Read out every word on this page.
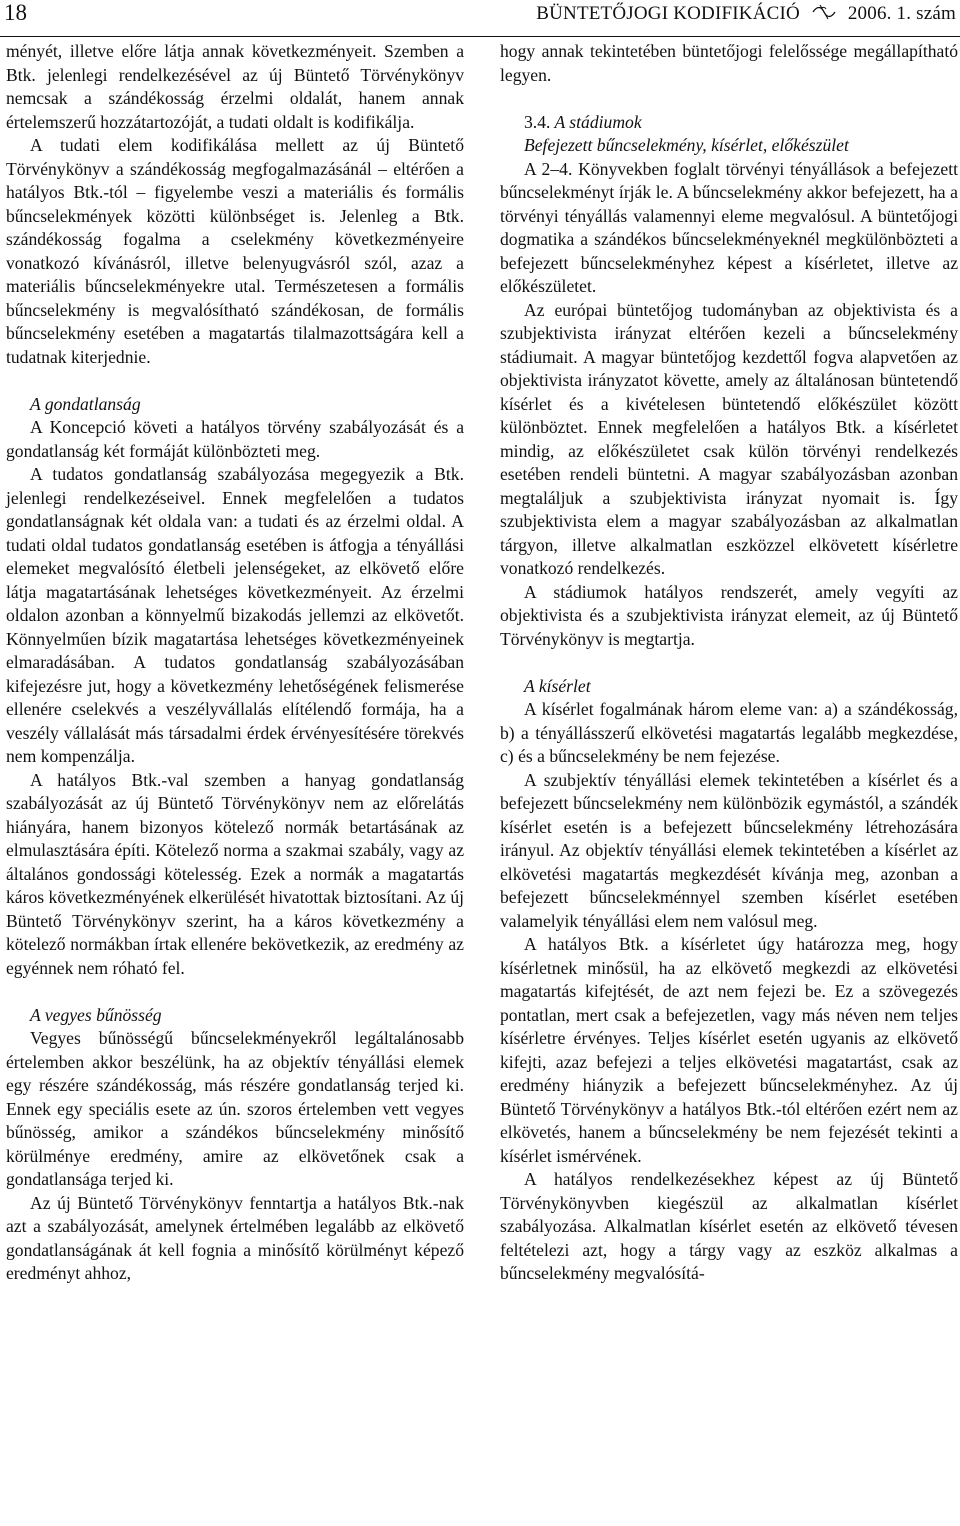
18	BÜNTETŐJOGI KODIFIKÁCIÓ	2006. 1. szám

ményét, illetve előre látja annak következményeit. Szemben a Btk. jelenlegi rendelkezésével az új Büntető Törvénykönyv nemcsak a szándékosság érzelmi oldalát, hanem annak értelemszerű hozzátartozóját, a tudati oldalt is kodifikálja.

A tudati elem kodifikálása mellett az új Büntető Törvénykönyv a szándékosság megfogalmazásánál – eltérően a hatályos Btk.-tól – figyelembe veszi a materiális és formális bűncselekmények közötti különbséget is. Jelenleg a Btk. szándékosság fogalma a cselekmény következményeire vonatkozó kívánásról, illetve belenyugvásról szól, azaz a materiális bűncselekményekre utal. Természetesen a formális bűncselekmény is megvalósítható szándékosan, de formális bűncselekmény esetében a magatartás tilalmazottságára kell a tudatnak kiterjednie.

A gondatlanság

A Koncepció követi a hatályos törvény szabályozását és a gondatlanság két formáját különbözteti meg.

A tudatos gondatlanság szabályozása megegyezik a Btk. jelenlegi rendelkezéseivel. Ennek megfelelően a tudatos gondatlanságnak két oldala van: a tudati és az érzelmi oldal. A tudati oldal tudatos gondatlanság esetében is átfogja a tényállási elemeket megvalósító életbeli jelenségeket, az elkövető előre látja magatartásának lehetséges következményeit. Az érzelmi oldalon azonban a könnyelmű bizakodás jellemzi az elkövetőt. Könnyelműen bízik magatartása lehetséges következményeinek elmaradásában. A tudatos gondatlanság szabályozásában kifejezésre jut, hogy a következmény lehetőségének felismerése ellenére cselekvés a veszélyvállalás elítélendő formája, ha a veszély vállalását más társadalmi érdek érvényesítésére törekvés nem kompenzálja.

A hatályos Btk.-val szemben a hanyag gondatlanság szabályozását az új Büntető Törvénykönyv nem az előrelátás hiányára, hanem bizonyos kötelező normák betartásának az elmulasztására építi. Kötelező norma a szakmai szabály, vagy az általános gondossági kötelesség. Ezek a normák a magatartás káros következményének elkerülését hivatottak biztosítani. Az új Büntető Törvénykönyv szerint, ha a káros következmény a kötelező normákban írtak ellenére bekövetkezik, az eredmény az egyénnek nem róható fel.

A vegyes bűnösség

Vegyes bűnösségű bűncselekményekről legáltalánosabb értelemben akkor beszélünk, ha az objektív tényállási elemek egy részére szándékosság, más részére gondatlanság terjed ki. Ennek egy speciális esete az ún. szoros értelemben vett vegyes bűnösség, amikor a szándékos bűncselekmény minősítő körülménye eredmény, amire az elkövetőnek csak a gondatlansága terjed ki.

Az új Büntető Törvénykönyv fenntartja a hatályos Btk.-nak azt a szabályozását, amelynek értelmében legalább az elkövető gondatlanságának át kell fognia a minősítő körülményt képező eredményt ahhoz,

hogy annak tekintetében büntetőjogi felelőssége megállapítható legyen.

3.4. A stádiumok
Befejezett bűncselekmény, kísérlet, előkészület

A 2–4. Könyvekben foglalt törvényi tényállások a befejezett bűncselekményt írják le. A bűncselekmény akkor befejezett, ha a törvényi tényállás valamennyi eleme megvalósul. A büntetőjogi dogmatika a szándékos bűncselekményeknél megkülönbözteti a befejezett bűncselekményhez képest a kísérletet, illetve az előkészületet.

Az európai büntetőjog tudományban az objektivista és a szubjektivista irányzat eltérően kezeli a bűncselekmény stádiumait. A magyar büntetőjog kezdettől fogva alapvetően az objektivista irányzatot követte, amely az általánosan büntetendő kísérlet és a kivételesen büntetendő előkészület között különböztet. Ennek megfelelően a hatályos Btk. a kísérletet mindig, az előkészületet csak külön törvényi rendelkezés esetében rendeli büntetni. A magyar szabályozásban azonban megtaláljuk a szubjektivista irányzat nyomait is. Így szubjektivista elem a magyar szabályozásban az alkalmatlan tárgyon, illetve alkalmatlan eszközzel elkövetett kísérletre vonatkozó rendelkezés.

A stádiumok hatályos rendszerét, amely vegyíti az objektivista és a szubjektivista irányzat elemeit, az új Büntető Törvénykönyv is megtartja.

A kísérlet

A kísérlet fogalmának három eleme van: a) a szándékosság, b) a tényállásszerű elkövetési magatartás legalább megkezdése, c) és a bűncselekmény be nem fejezése.

A szubjektív tényállási elemek tekintetében a kísérlet és a befejezett bűncselekmény nem különbözik egymástól, a szándék kísérlet esetén is a befejezett bűncselekmény létrehozására irányul. Az objektív tényállási elemek tekintetében a kísérlet az elkövetési magatartás megkezdését kívánja meg, azonban a befejezett bűncselekménnyel szemben kísérlet esetében valamelyik tényállási elem nem valósul meg.

A hatályos Btk. a kísérletet úgy határozza meg, hogy kísérletnek minősül, ha az elkövető megkezdi az elkövetési magatartás kifejtését, de azt nem fejezi be. Ez a szövegezés pontatlan, mert csak a befejezetlen, vagy más néven nem teljes kísérletre érvényes. Teljes kísérlet esetén ugyanis az elkövető kifejti, azaz befejezi a teljes elkövetési magatartást, csak az eredmény hiányzik a befejezett bűncselekményhez. Az új Büntető Törvénykönyv a hatályos Btk.-tól eltérően ezért nem az elkövetés, hanem a bűncselekmény be nem fejezését tekinti a kísérlet ismérvének.

A hatályos rendelkezésekhez képest az új Büntető Törvénykönyvben kiegészül az alkalmatlan kísérlet szabályozása. Alkalmatlan kísérlet esetén az elkövető tévesen feltételezi azt, hogy a tárgy vagy az eszköz alkalmas a bűncselekmény megvalósítá-
